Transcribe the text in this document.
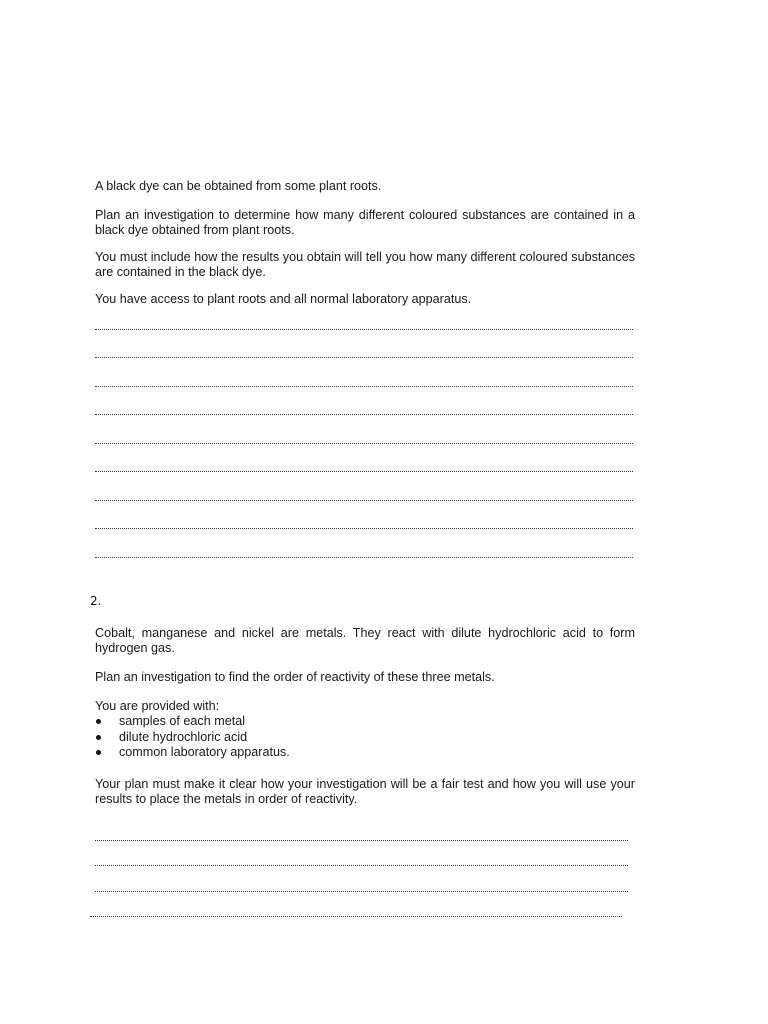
A black dye can be obtained from some plant roots.

Plan an investigation to determine how many different coloured substances are contained in a black dye obtained from plant roots.

You must include how the results you obtain will tell you how many different coloured substances are contained in the black dye.

You have access to plant roots and all normal laboratory apparatus.

2.

Cobalt, manganese and nickel are metals. They react with dilute hydrochloric acid to form hydrogen gas.

Plan an investigation to find the order of reactivity of these three metals.

You are provided with:

samples of each metal
dilute hydrochloric acid
common laboratory apparatus.

Your plan must make it clear how your investigation will be a fair test and how you will use your results to place the metals in order of reactivity.
